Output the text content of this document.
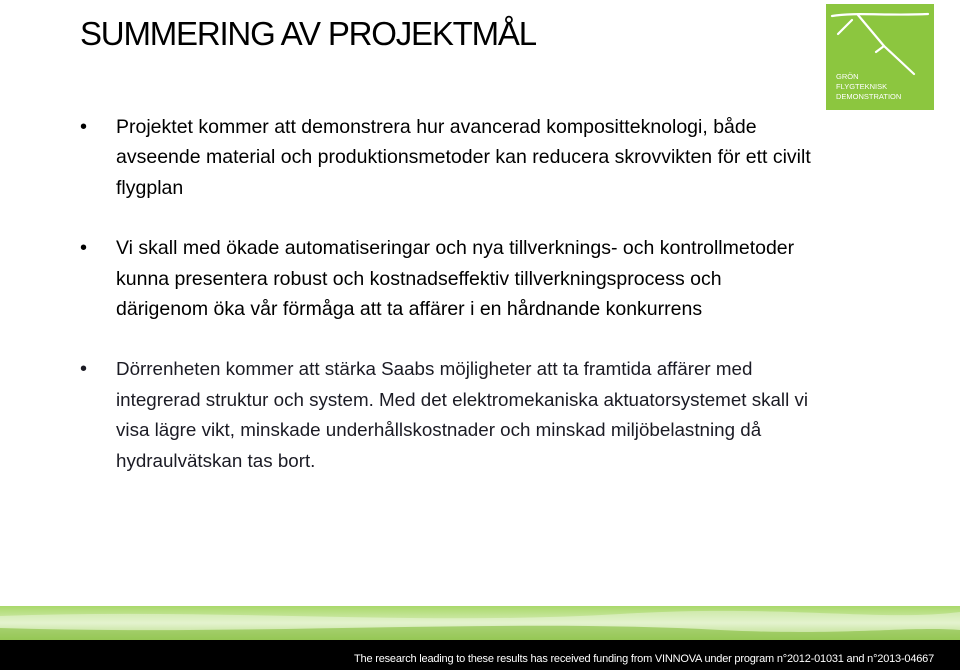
SUMMERING AV PROJEKTMÅL
GRÖN
FLYGTEKNISK
DEMONSTRATION
• Projektet kommer att demonstrera hur avancerad kompositteknologi, både avseende material och produktionsmetoder kan reducera skrovvikten för ett civilt flygplan
• Vi skall med ökade automatiseringar och nya tillverknings- och kontrollmetoder kunna presentera robust och kostnadseffektiv tillverkningsprocess och därigenom öka vår förmåga att ta affärer i en hårdnande konkurrens
• Dörrenheten kommer att stärka Saabs möjligheter att ta framtida affärer med integrerad struktur och system. Med det elektromekaniska aktuatorsystemet skall vi visa lägre vikt, minskade underhållskostnader och minskad miljöbelastning då hydraulvätskan tas bort.
The research leading to these results has received funding from VINNOVA under program n°2012-01031 and n°2013-04667
